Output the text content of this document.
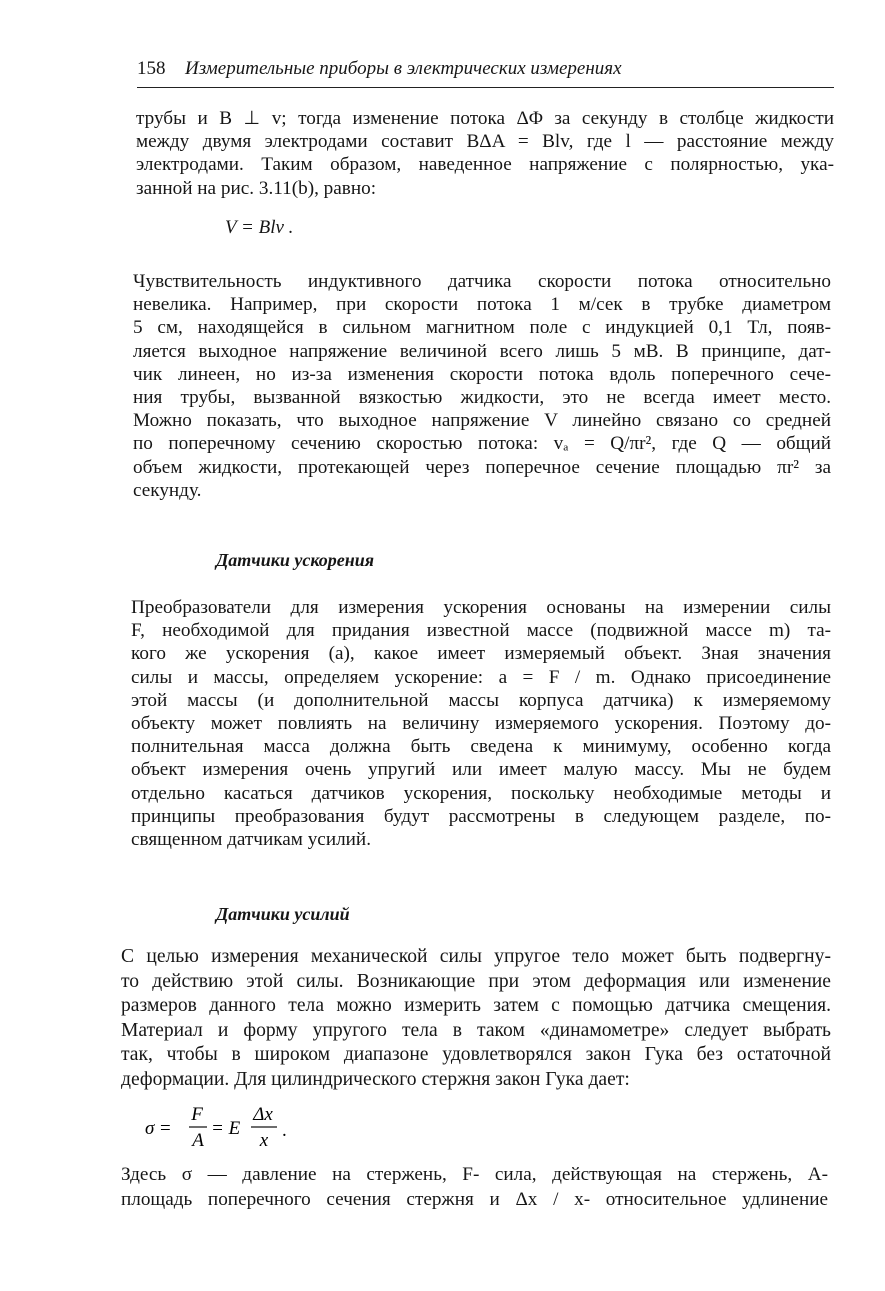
158 Измерительные приборы в электрических измерениях
трубы и B ⊥ v; тогда изменение потока ΔΦ за секунду в столбце жидкости
между двумя электродами составит BΔA = Blv, где l — расстояние между
электродами. Таким образом, наведенное напряжение с полярностью, ука-
занной на рис. 3.11(b), равно:
V = Blv .
Чувствительность индуктивного датчика скорости потока относительно
невелика. Например, при скорости потока 1 м/сек в трубке диаметром
5 см, находящейся в сильном магнитном поле с индукцией 0,1 Тл, появ-
ляется выходное напряжение величиной всего лишь 5 мВ. В принципе, дат-
чик линеен, но из-за изменения скорости потока вдоль поперечного сече-
ния трубы, вызванной вязкостью жидкости, это не всегда имеет место.
Можно показать, что выходное напряжение V линейно связано со средней
по поперечному сечению скоростью потока: vₐ = Q/πr², где Q — общий
объем жидкости, протекающей через поперечное сечение площадью πr² за
секунду.
Датчики ускорения
Преобразователи для измерения ускорения основаны на измерении силы
F, необходимой для придания известной массе (подвижной массе m) та-
кого же ускорения (a), какое имеет измеряемый объект. Зная значения
силы и массы, определяем ускорение: a = F / m. Однако присоединение
этой массы (и дополнительной массы корпуса датчика) к измеряемому
объекту может повлиять на величину измеряемого ускорения. Поэтому до-
полнительная масса должна быть сведена к минимуму, особенно когда
объект измерения очень упругий или имеет малую массу. Мы не будем
отдельно касаться датчиков ускорения, поскольку необходимые методы и
принципы преобразования будут рассмотрены в следующем разделе, по-
священном датчикам усилий.
Датчики усилий
С целью измерения механической силы упругое тело может быть подвергну-
то действию этой силы. Возникающие при этом деформация или изменение
размеров данного тела можно измерить затем с помощью датчика смещения.
Материал и форму упругого тела в таком «динамометре» следует выбрать
так, чтобы в широком диапазоне удовлетворялся закон Гука без остаточной
деформации. Для цилиндрического стержня закон Гука дает:
σ =
F
A
= E
Δx
x .
Здесь σ — давление на стержень, F- сила, действующая на стержень, A-
площадь поперечного сечения стержня и Δx / x- относительное удлинение
